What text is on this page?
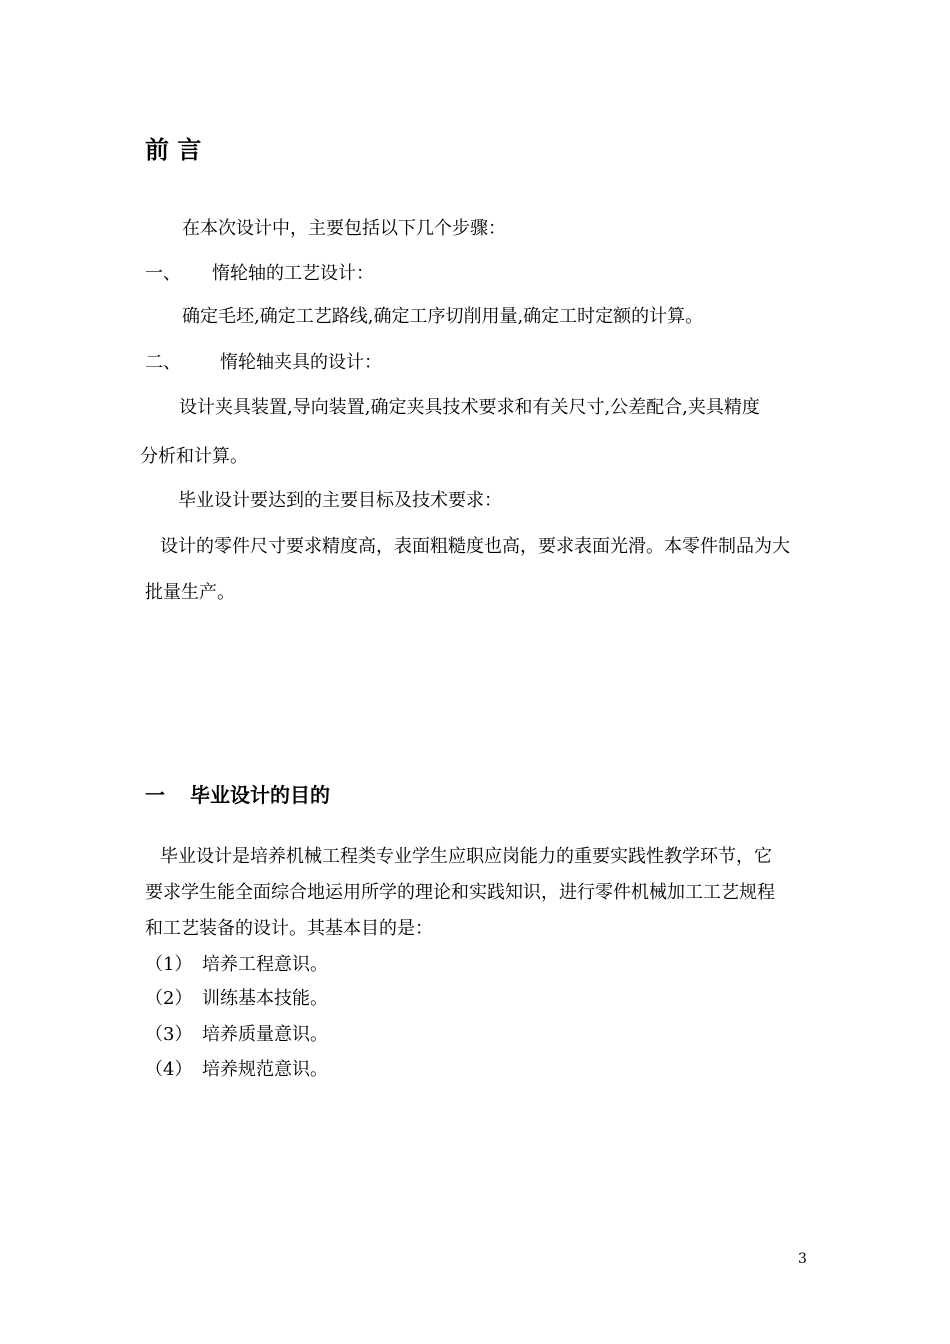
前 言
在本次设计中，主要包括以下几个步骤：
一、 惰轮轴的工艺设计：
确定毛坯,确定工艺路线,确定工序切削用量,确定工时定额的计算。
二、 惰轮轴夹具的设计：
设计夹具装置,导向装置,确定夹具技术要求和有关尺寸,公差配合,夹具精度
分析和计算。
毕业设计要达到的主要目标及技术要求：
设计的零件尺寸要求精度高，表面粗糙度也高，要求表面光滑。本零件制品为大
批量生产。
一 毕业设计的目的
毕业设计是培养机械工程类专业学生应职应岗能力的重要实践性教学环节，它
要求学生能全面综合地运用所学的理论和实践知识，进行零件机械加工工艺规程
和工艺装备的设计。其基本目的是：
（1） 培养工程意识。
（2） 训练基本技能。
（3） 培养质量意识。
（4） 培养规范意识。
3
